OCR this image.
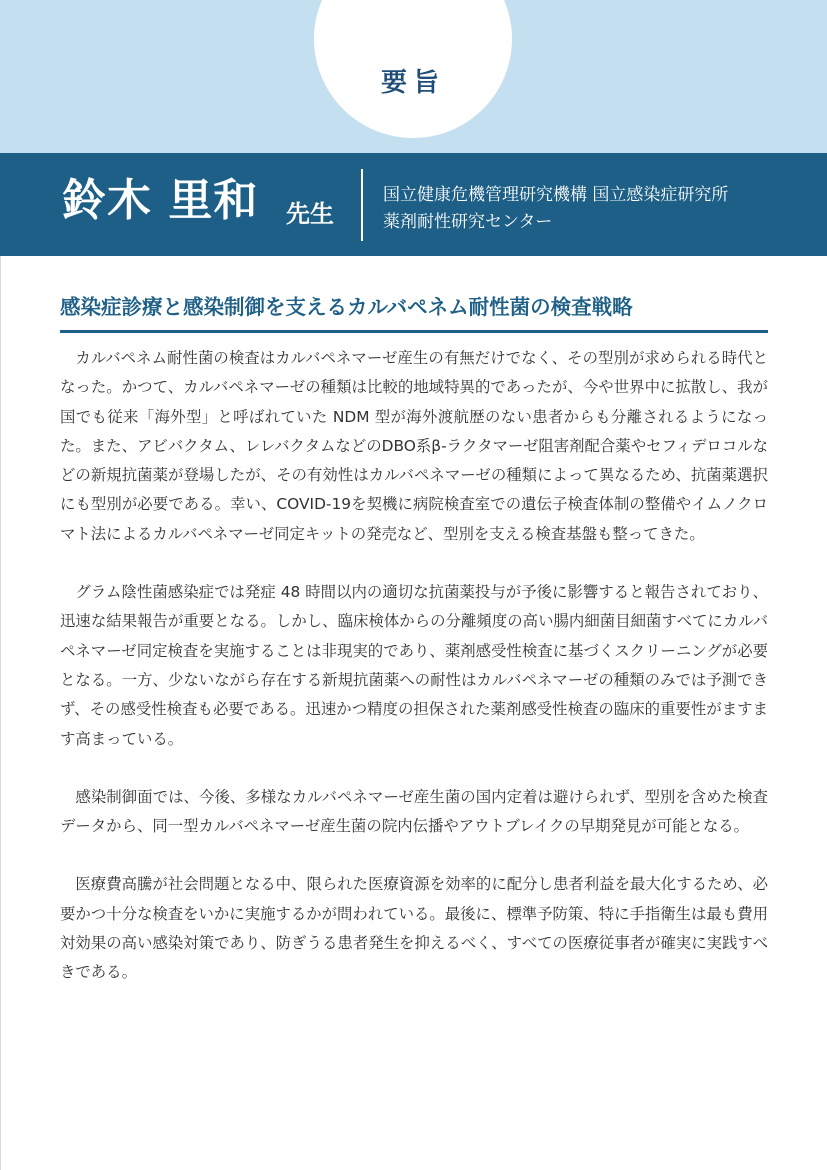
要旨
鈴木 里和 先生
国立健康危機管理研究機構 国立感染症研究所
薬剤耐性研究センター
感染症診療と感染制御を支えるカルバペネム耐性菌の検査戦略

カルバペネム耐性菌の検査はカルバペネマーゼ産生の有無だけでなく、その型別が求められる時代となった。かつて、カルバペネマーゼの種類は比較的地域特異的であったが、今や世界中に拡散し、我が国でも従来「海外型」と呼ばれていた NDM 型が海外渡航歴のない患者からも分離されるようになった。また、アビバクタム、レレバクタムなどのDBO系β-ラクタマーゼ阻害剤配合薬やセフィデロコルなどの新規抗菌薬が登場したが、その有効性はカルバペネマーゼの種類によって異なるため、抗菌薬選択にも型別が必要である。幸い、COVID-19を契機に病院検査室での遺伝子検査体制の整備やイムノクロマト法によるカルバペネマーゼ同定キットの発売など、型別を支える検査基盤も整ってきた。

グラム陰性菌感染症では発症 48 時間以内の適切な抗菌薬投与が予後に影響すると報告されており、迅速な結果報告が重要となる。しかし、臨床検体からの分離頻度の高い腸内細菌目細菌すべてにカルバペネマーゼ同定検査を実施することは非現実的であり、薬剤感受性検査に基づくスクリーニングが必要となる。一方、少ないながら存在する新規抗菌薬への耐性はカルバペネマーゼの種類のみでは予測できず、その感受性検査も必要である。迅速かつ精度の担保された薬剤感受性検査の臨床的重要性がますます高まっている。

感染制御面では、今後、多様なカルバペネマーゼ産生菌の国内定着は避けられず、型別を含めた検査データから、同一型カルバペネマーゼ産生菌の院内伝播やアウトブレイクの早期発見が可能となる。

医療費高騰が社会問題となる中、限られた医療資源を効率的に配分し患者利益を最大化するため、必要かつ十分な検査をいかに実施するかが問われている。最後に、標準予防策、特に手指衛生は最も費用対効果の高い感染対策であり、防ぎうる患者発生を抑えるべく、すべての医療従事者が確実に実践すべきである。
